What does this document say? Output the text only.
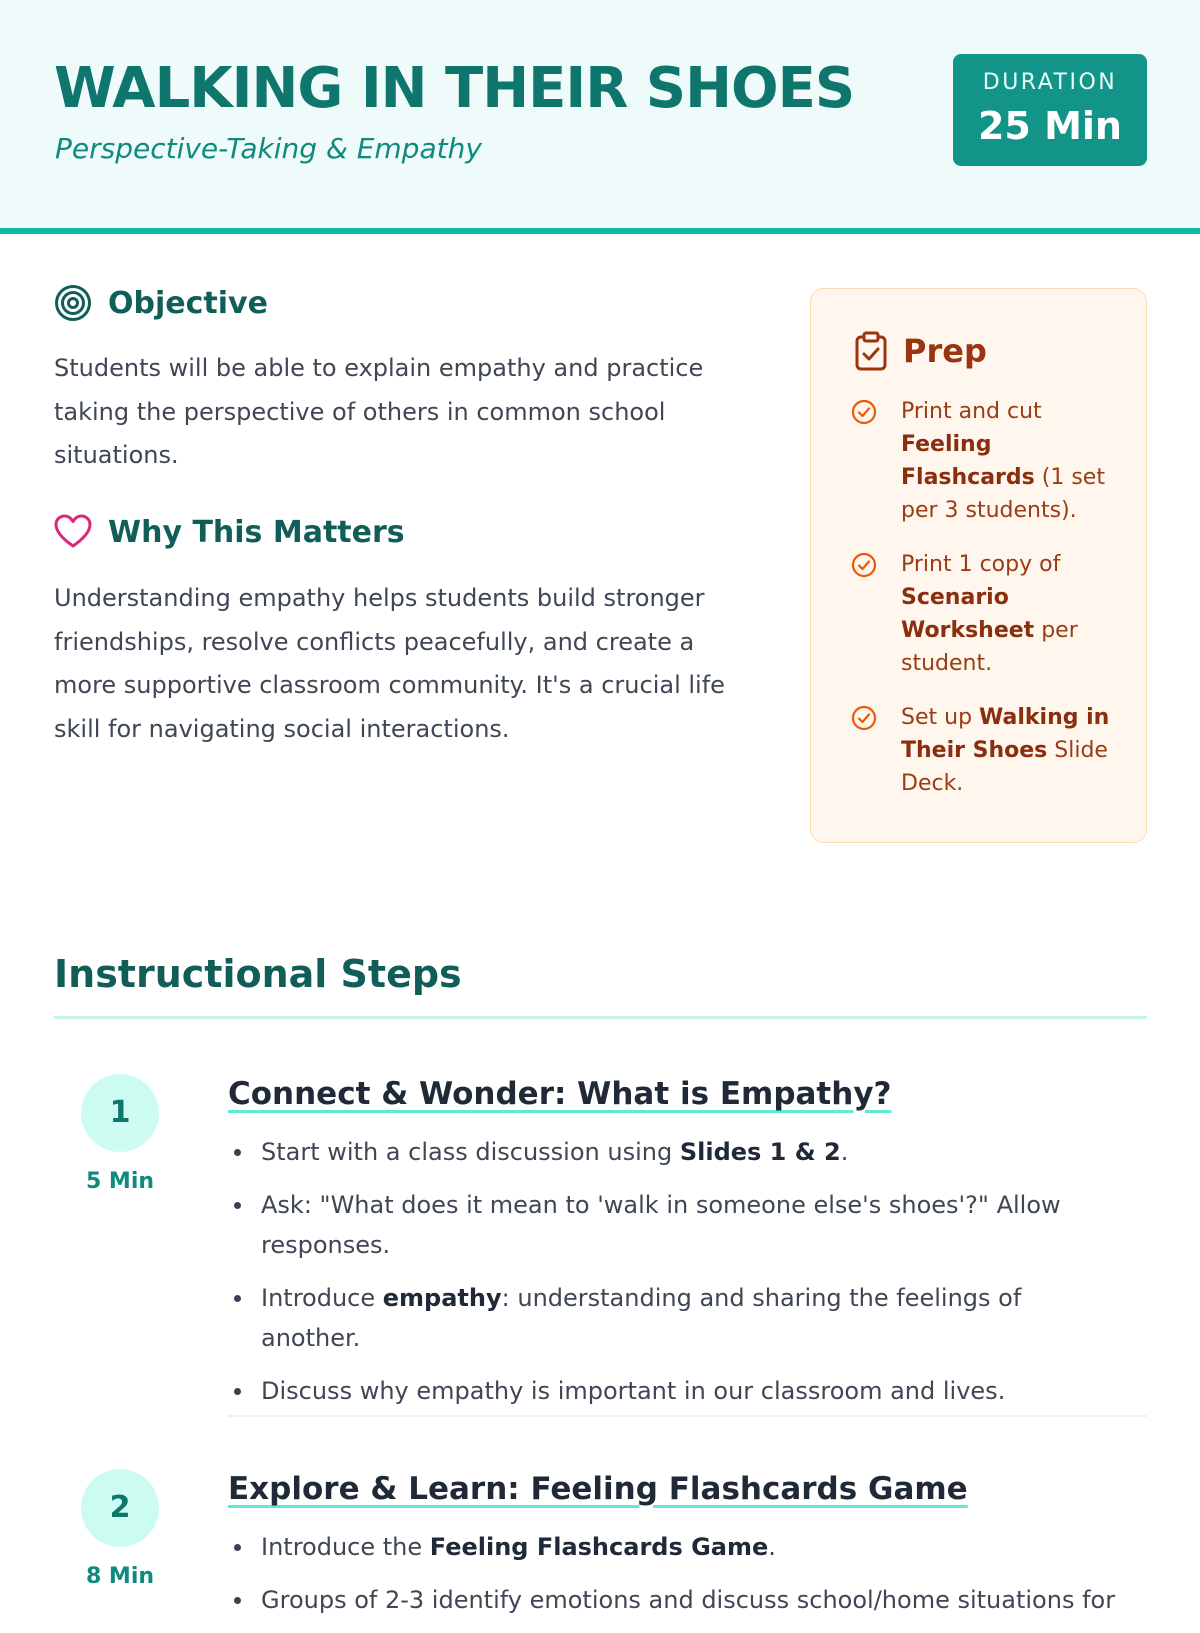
WALKING IN THEIR SHOES
Perspective-Taking & Empathy
DURATION
25 Min
Objective
Students will be able to explain empathy and practice taking the perspective of others in common school situations.
Why This Matters
Understanding empathy helps students build stronger friendships, resolve conflicts peacefully, and create a more supportive classroom community. It's a crucial life skill for navigating social interactions.
Prep
Print and cut Feeling Flashcards (1 set per 3 students).
Print 1 copy of Scenario Worksheet per student.
Set up Walking in Their Shoes Slide Deck.
Instructional Steps
1
5 Min
Connect & Wonder: What is Empathy?
Start with a class discussion using Slides 1 & 2.
Ask: "What does it mean to 'walk in someone else's shoes'?" Allow responses.
Introduce empathy: understanding and sharing the feelings of another.
Discuss why empathy is important in our classroom and lives.
2
8 Min
Explore & Learn: Feeling Flashcards Game
Introduce the Feeling Flashcards Game.
Groups of 2-3 identify emotions and discuss school/home situations for
